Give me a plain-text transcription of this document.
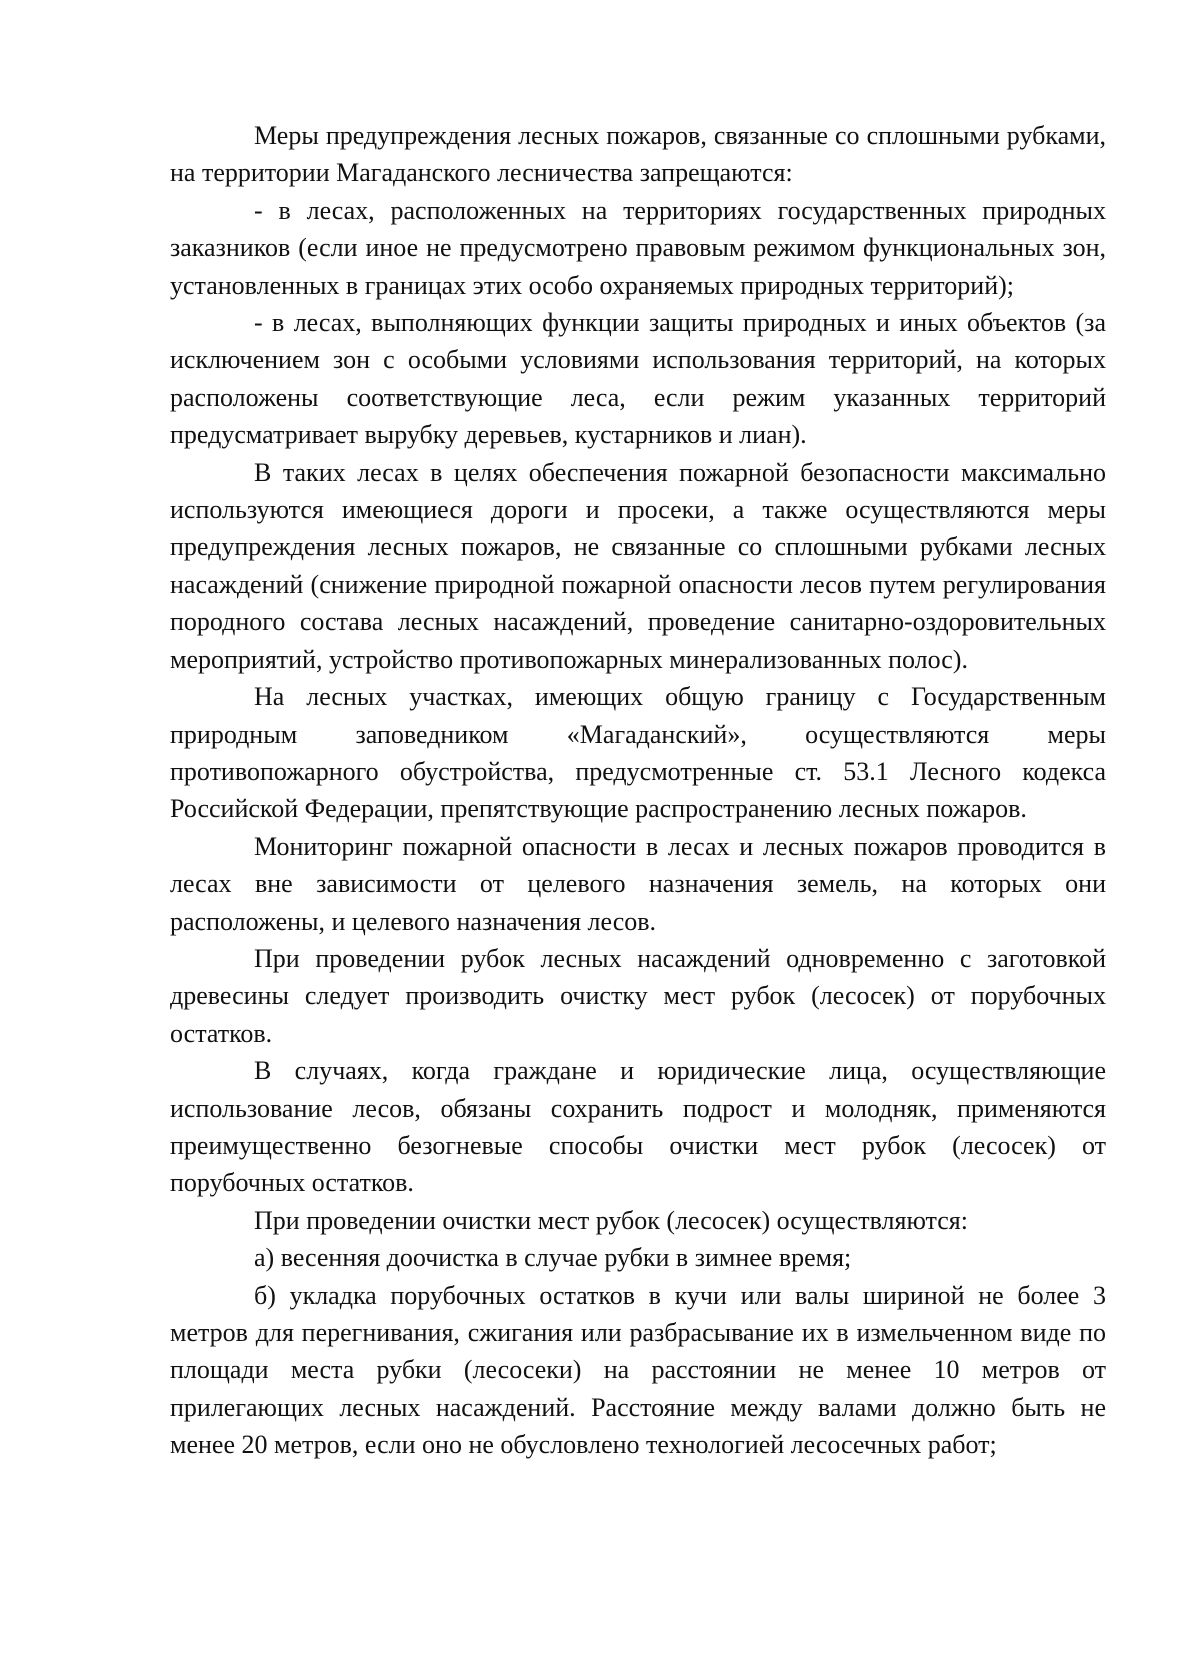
Меры предупреждения лесных пожаров, связанные со сплошными рубками, на территории Магаданского лесничества запрещаются:

- в лесах, расположенных на территориях государственных природных заказников (если иное не предусмотрено правовым режимом функциональных зон, установленных в границах этих особо охраняемых природных территорий);

- в лесах, выполняющих функции защиты природных и иных объектов (за исключением зон с особыми условиями использования территорий, на которых расположены соответствующие леса, если режим указанных территорий предусматривает вырубку деревьев, кустарников и лиан).

В таких лесах в целях обеспечения пожарной безопасности максимально используются имеющиеся дороги и просеки, а также осуществляются меры предупреждения лесных пожаров, не связанные со сплошными рубками лесных насаждений (снижение природной пожарной опасности лесов путем регулирования породного состава лесных насаждений, проведение санитарно-оздоровительных мероприятий, устройство противопожарных минерализованных полос).

На лесных участках, имеющих общую границу с Государственным природным заповедником «Магаданский», осуществляются меры противопожарного обустройства, предусмотренные ст. 53.1 Лесного кодекса Российской Федерации, препятствующие распространению лесных пожаров.

Мониторинг пожарной опасности в лесах и лесных пожаров проводится в лесах вне зависимости от целевого назначения земель, на которых они расположены, и целевого назначения лесов.

При проведении рубок лесных насаждений одновременно с заготовкой древесины следует производить очистку мест рубок (лесосек) от порубочных остатков.

В случаях, когда граждане и юридические лица, осуществляющие использование лесов, обязаны сохранить подрост и молодняк, применяются преимущественно безогневые способы очистки мест рубок (лесосек) от порубочных остатков.

При проведении очистки мест рубок (лесосек) осуществляются:

а) весенняя доочистка в случае рубки в зимнее время;

б) укладка порубочных остатков в кучи или валы шириной не более 3 метров для перегнивания, сжигания или разбрасывание их в измельченном виде по площади места рубки (лесосеки) на расстоянии не менее 10 метров от прилегающих лесных насаждений. Расстояние между валами должно быть не менее 20 метров, если оно не обусловлено технологией лесосечных работ;
